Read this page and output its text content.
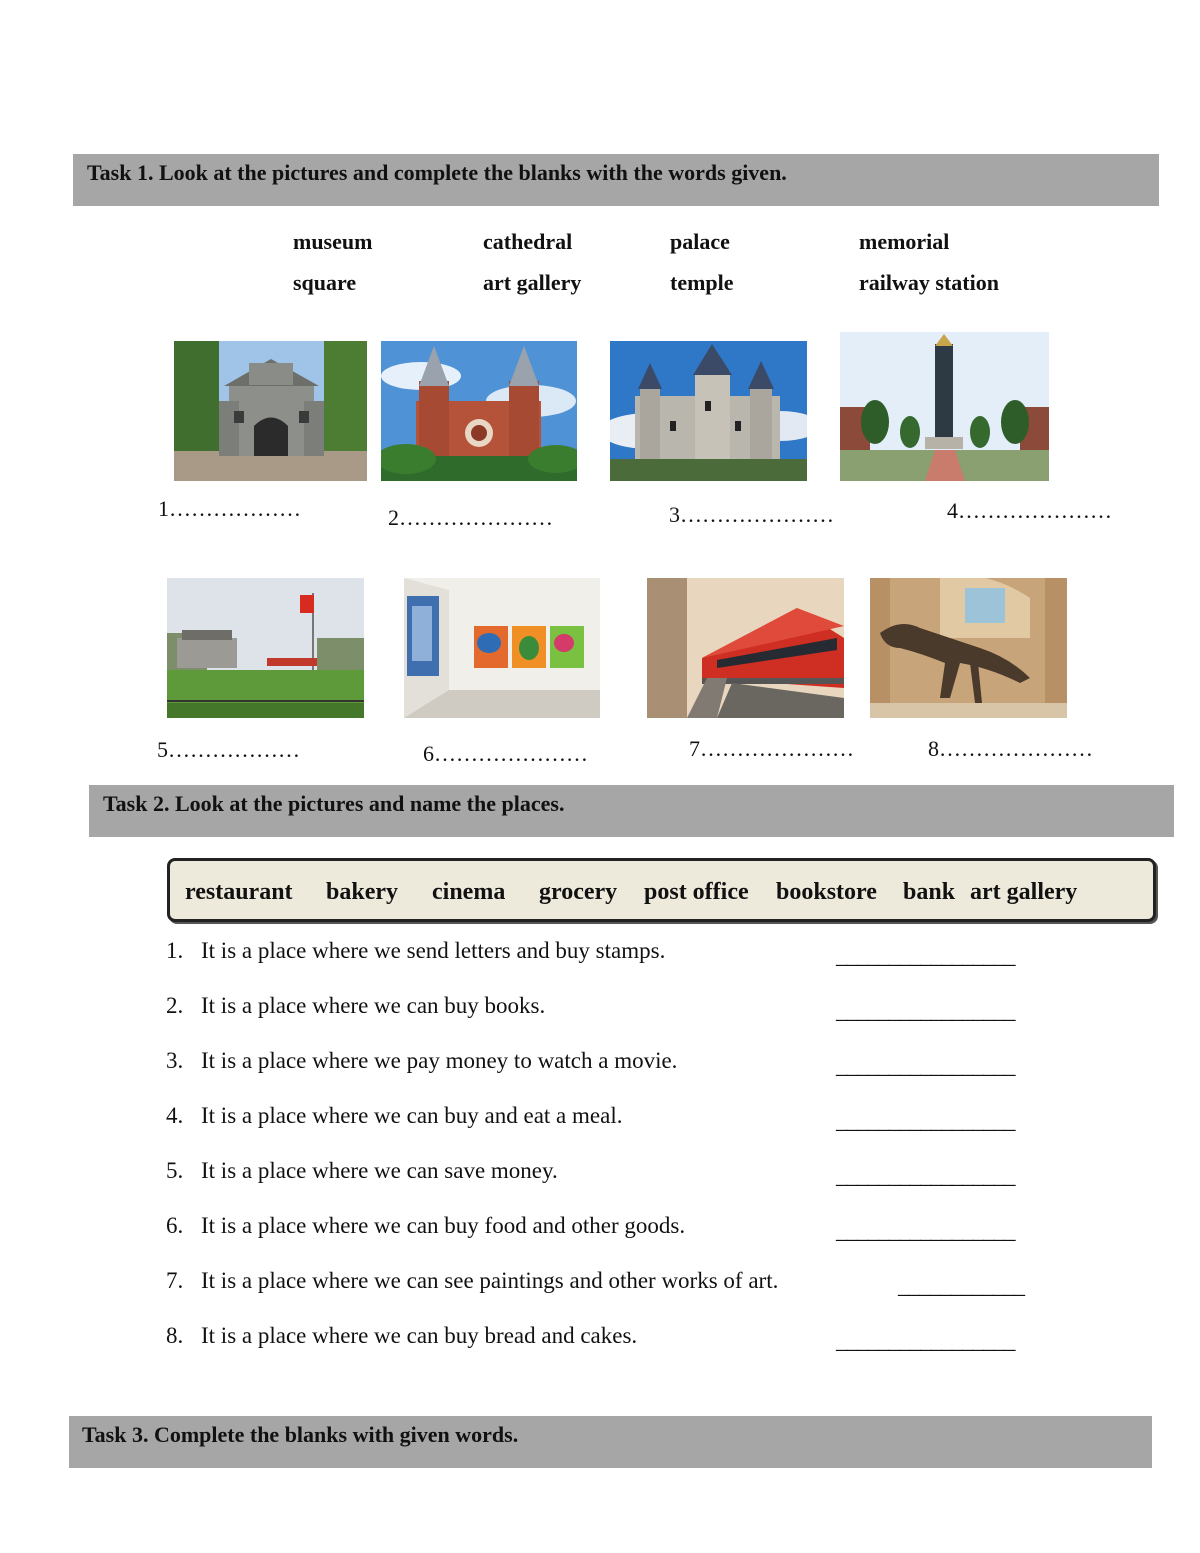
Task 1. Look at the pictures and complete the blanks with the words given.
museum	cathedral	palace	memorial
square	art gallery	temple	railway station
1………………	2…………………	3…………………	4…………………
5………………	6…………………	7…………………	8…………………
Task 2. Look at the pictures and name the places.
restaurant bakery cinema grocery post office bookstore bank art gallery
1. It is a place where we send letters and buy stamps.	_________________
2. It is a place where we can buy books.	_________________
3. It is a place where we pay money to watch a movie.	_________________
4. It is a place where we can buy and eat a meal.	_________________
5. It is a place where we can save money.	_________________
6. It is a place where we can buy food and other goods.	_________________
7. It is a place where we can see paintings and other works of art.	____________
8. It is a place where we can buy bread and cakes.	_________________
Task 3. Complete the blanks with given words.
